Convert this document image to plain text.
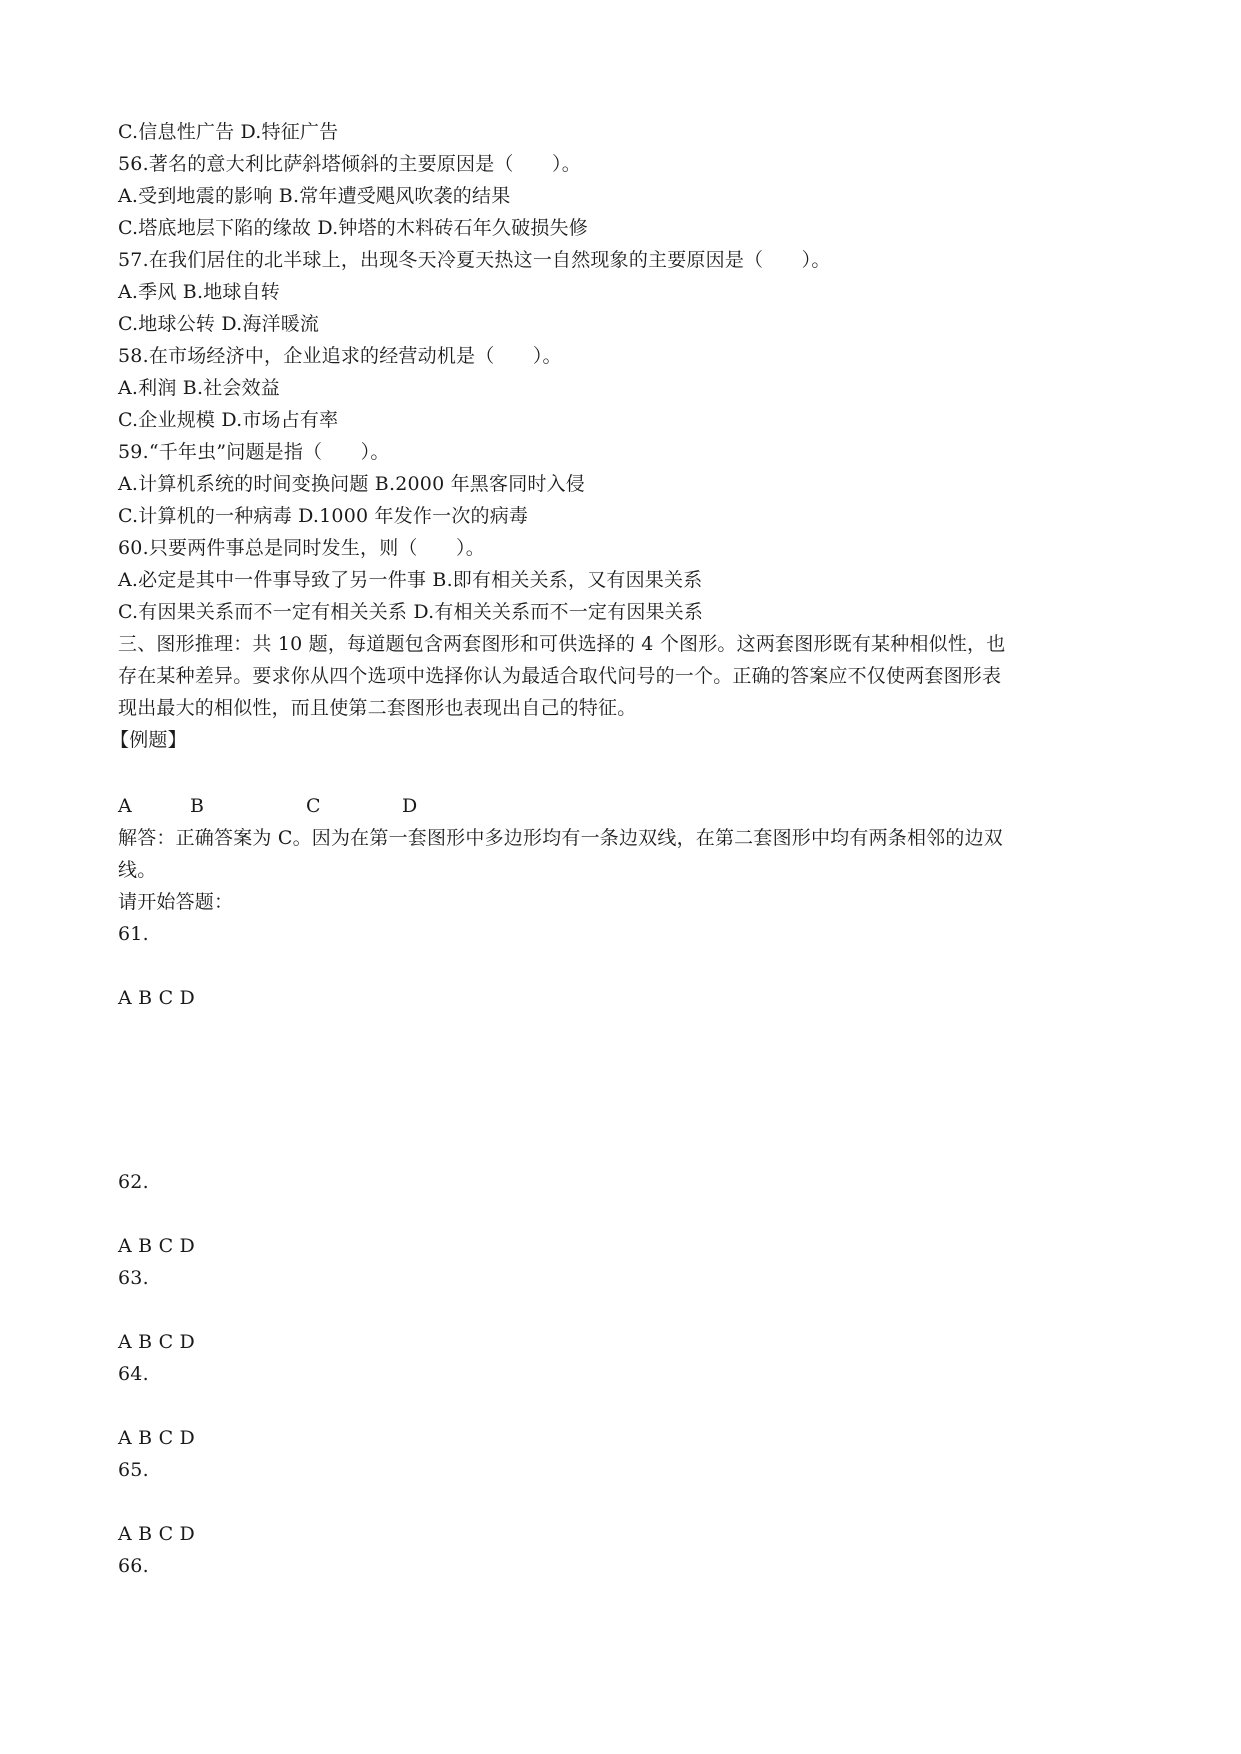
C.信息性广告 D.特征广告
56.著名的意大利比萨斜塔倾斜的主要原因是（　　）。
A.受到地震的影响 B.常年遭受飓风吹袭的结果
C.塔底地层下陷的缘故 D.钟塔的木料砖石年久破损失修
57.在我们居住的北半球上，出现冬天冷夏天热这一自然现象的主要原因是（　　）。
A.季风 B.地球自转
C.地球公转 D.海洋暖流
58.在市场经济中，企业追求的经营动机是（　　）。
A.利润 B.社会效益
C.企业规模 D.市场占有率
59.“千年虫”问题是指（　　）。
A.计算机系统的时间变换问题 B.2000 年黑客同时入侵
C.计算机的一种病毒 D.1000 年发作一次的病毒
60.只要两件事总是同时发生，则（　　）。
A.必定是其中一件事导致了另一件事 B.即有相关关系，又有因果关系
C.有因果关系而不一定有相关关系 D.有相关关系而不一定有因果关系
三、图形推理：共 10 题，每道题包含两套图形和可供选择的 4 个图形。这两套图形既有某种相似性，也
存在某种差异。要求你从四个选项中选择你认为最适合取代问号的一个。正确的答案应不仅使两套图形表
现出最大的相似性，而且使第二套图形也表现出自己的特征。
【例题】
A	B	C	D
解答：正确答案为 C。因为在第一套图形中多边形均有一条边双线，在第二套图形中均有两条相邻的边双
线。
请开始答题：
61.
A B C D
62.
A B C D
63.
A B C D
64.
A B C D
65.
A B C D
66.
